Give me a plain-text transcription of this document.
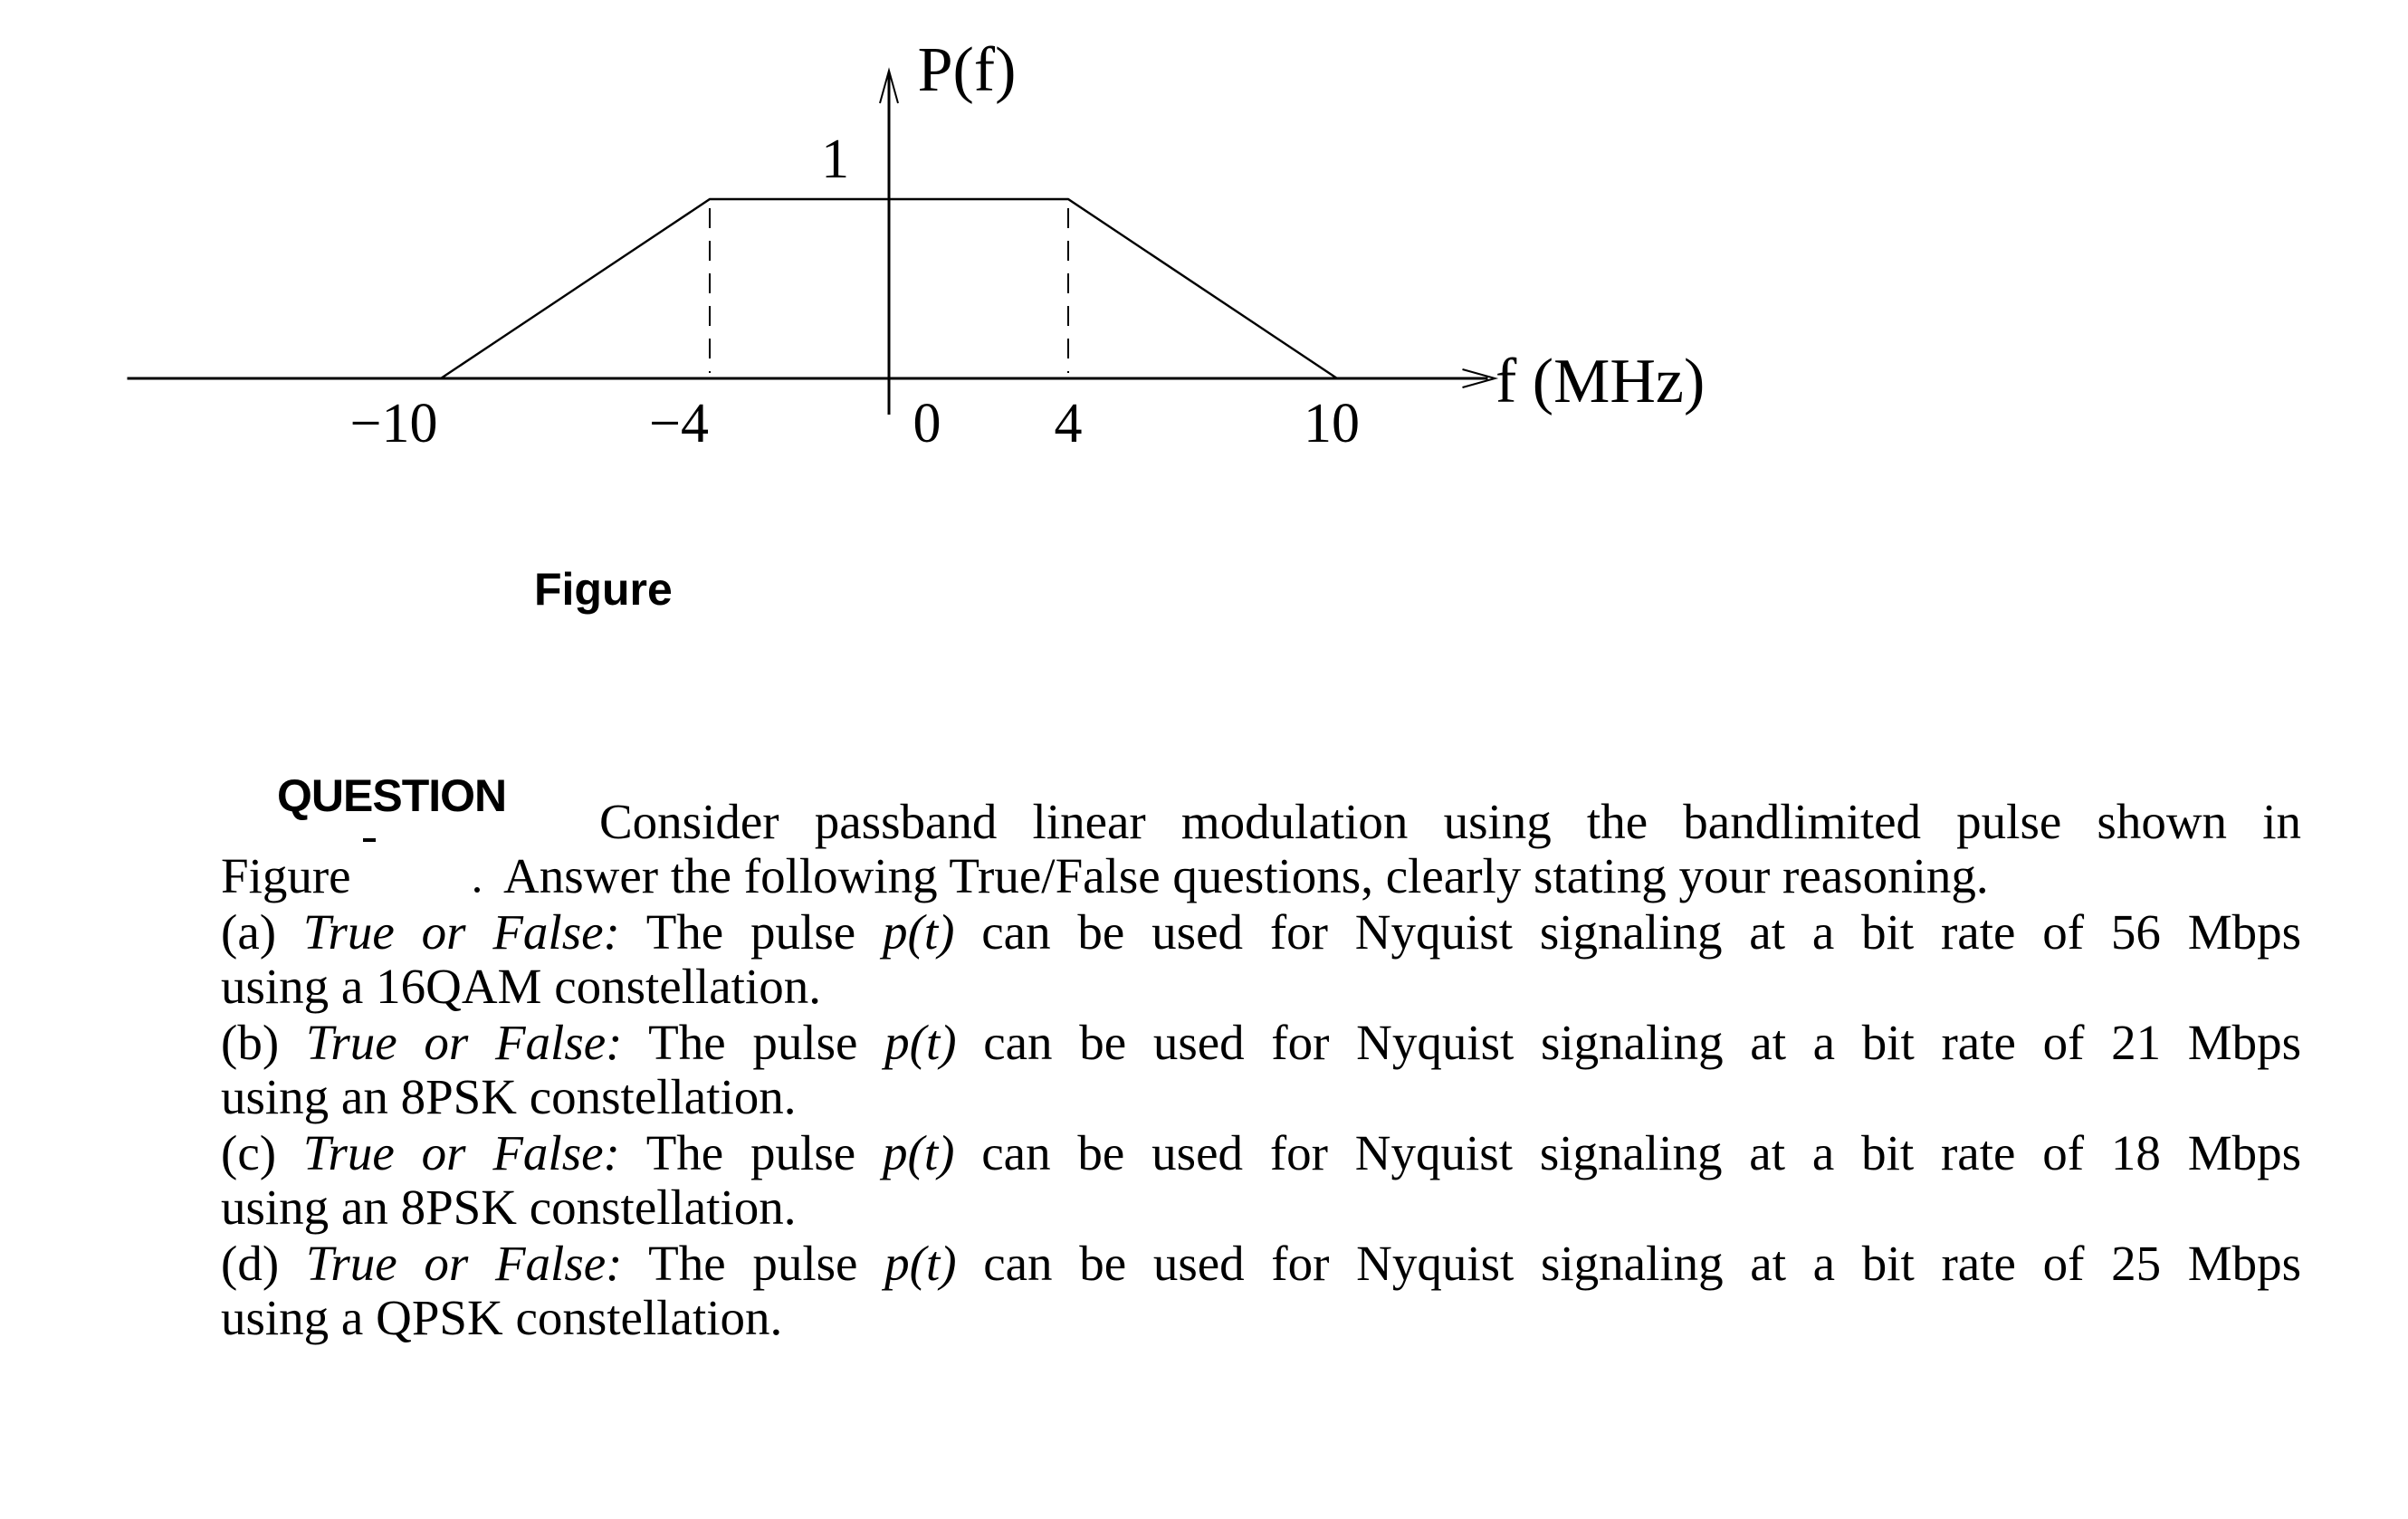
−10	−4	0 4	10
1
P(f)
f (MHz)
Figure
QUESTION Consider passband linear modulation using the bandlimited pulse shown in
Figure	Answer the following True/False questions, clearly stating your reasoning.
(a) True or False: The pulse p(t) can be used for Nyquist signaling at a bit rate of 56 Mbps
using a 16QAM constellation.
(b) True or False: The pulse p(t) can be used for Nyquist signaling at a bit rate of 21 Mbps
using an 8PSK constellation.
(c) True or False: The pulse p(t) can be used for Nyquist signaling at a bit rate of 18 Mbps
using an 8PSK constellation.
(d) True or False: The pulse p(t) can be used for Nyquist signaling at a bit rate of 25 Mbps
using a QPSK constellation.
